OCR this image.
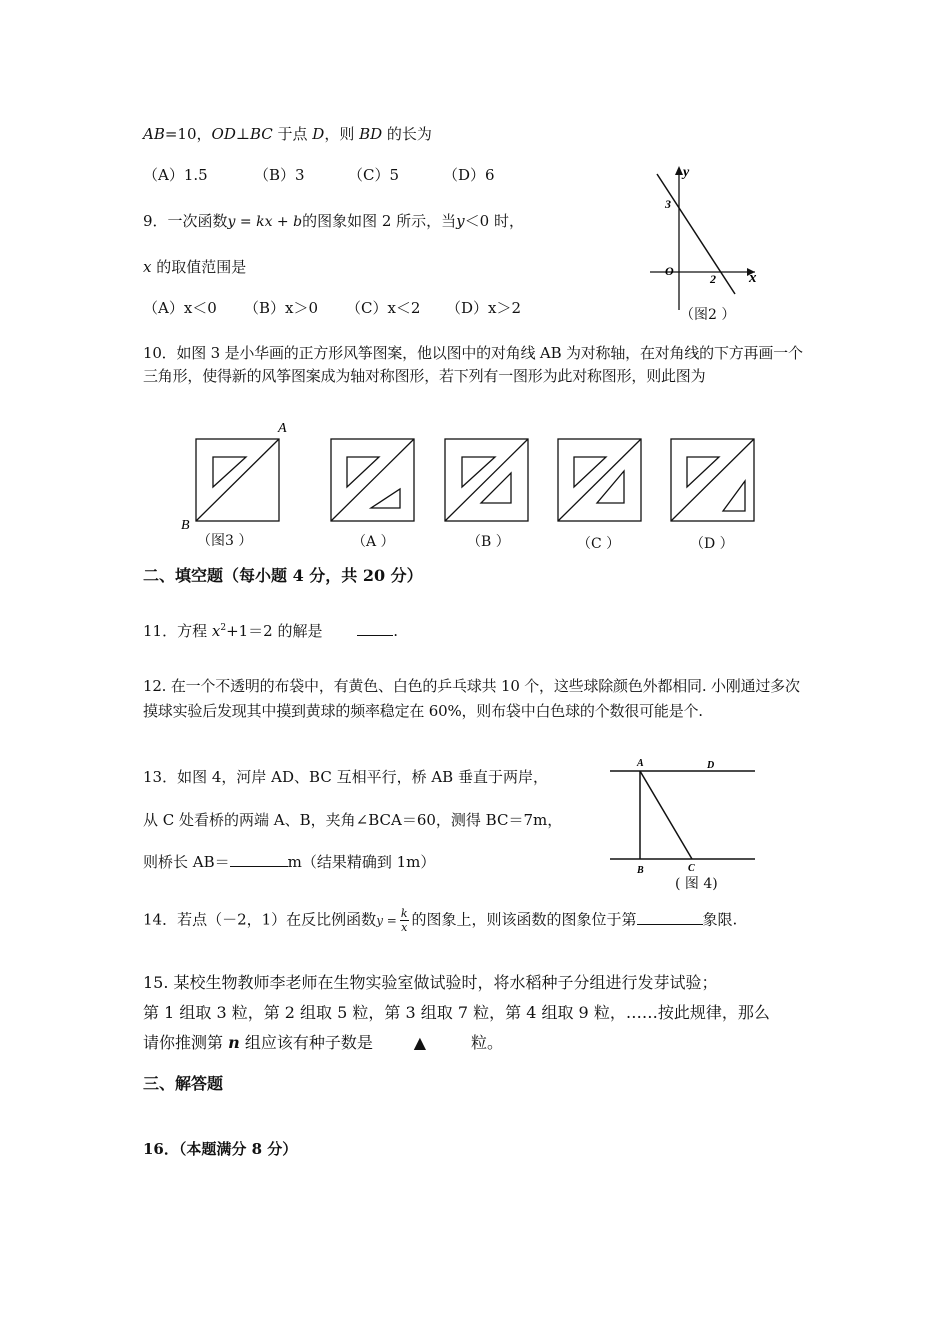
AB=10，OD⊥BC 于点 D，则 BD 的长为
（A）1.5	（B）3	（C）5	（D）6
9．一次函数y = kx + b的图象如图 2 所示，当y＜0 时，
x 的取值范围是
（A）x＜0 （B）x＞0 （C）x＜2 （D）x＞2
y
x
3
O
2
（图2 ）
10．如图 3 是小华画的正方形风筝图案，他以图中的对角线 AB 为对称轴，在对角线的下方再画一个三角形，使得新的风筝图案成为轴对称图形，若下列有一图形为此对称图形，则此图为
A
B
（图3 ）	（A ）	（B ）	（C ）	（D ）
二、填空题（每小题 4 分，共 20 分）
11．方程 $x^2+1=2$ 的解是	.
12. 在一个不透明的布袋中，有黄色、白色的乒乓球共 10 个，这些球除颜色外都相同. 小刚通过多次摸球实验后发现其中摸到黄球的频率稳定在 60%，则布袋中白色球的个数很可能是个.
13．如图 4，河岸 AD、BC 互相平行，桥 AB 垂直于两岸，
从 C 处看桥的两端 A、B，夹角∠BCA＝60，测得 BC＝7m，
则桥长 AB＝	m（结果精确到 1m）
A	D
B	C
( 图 4)
14．若点（－2，1）在反比例函数$y = \frac{k}{x}$ 的图象上，则该函数的图象位于第	象限.
15. 某校生物教师李老师在生物实验室做试验时，将水稻种子分组进行发芽试验；
第 1 组取 3 粒，第 2 组取 5 粒，第 3 组取 7 粒，第 4 组取 9 粒，……按此规律，那么
请你推测第 n 组应该有种子数是	▲	粒。
三、解答题
16．（本题满分 8 分）
